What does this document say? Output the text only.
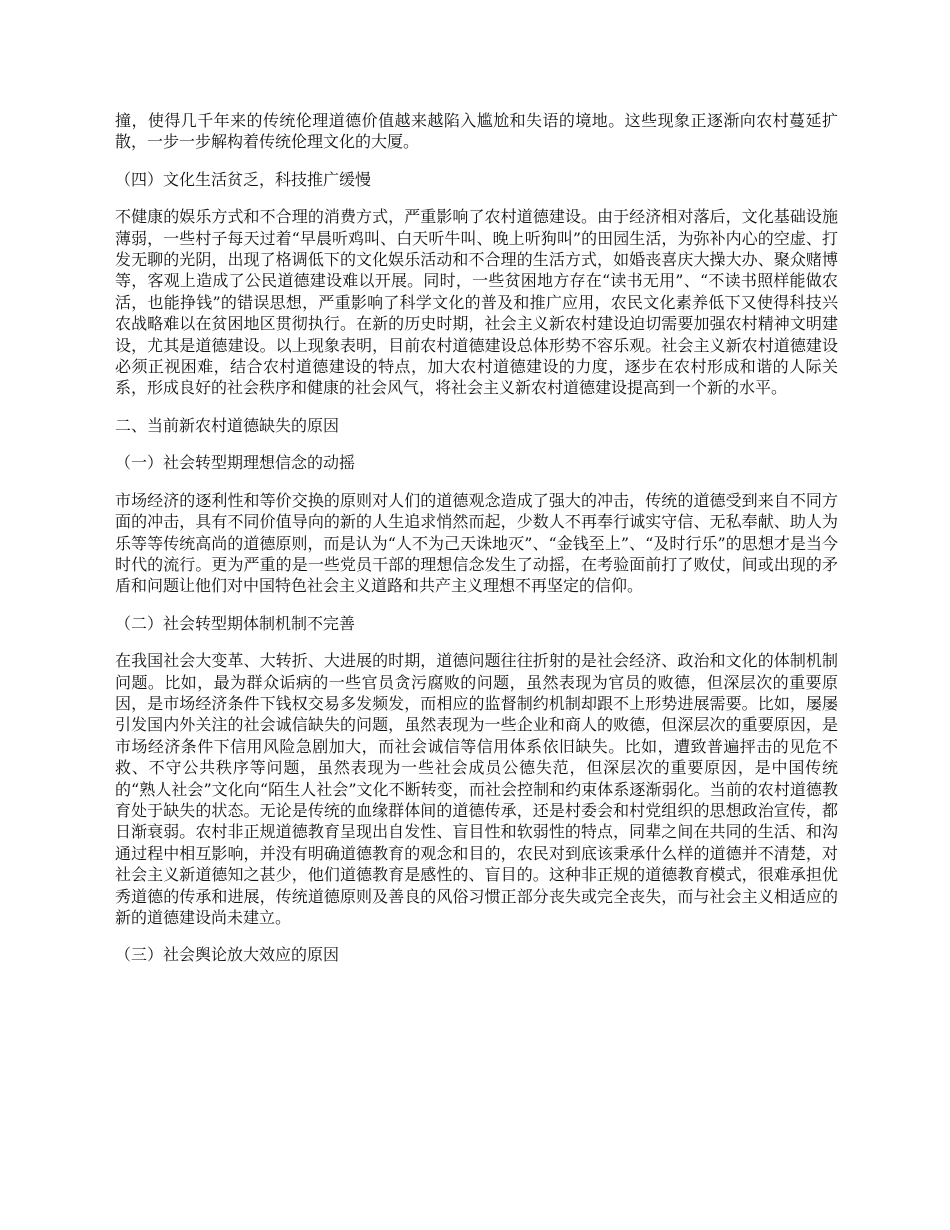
撞，使得几千年来的传统伦理道德价值越来越陷入尴尬和失语的境地。这些现象正逐渐向农村蔓延扩散，一步一步解构着传统伦理文化的大厦。

（四）文化生活贫乏，科技推广缓慢

不健康的娱乐方式和不合理的消费方式，严重影响了农村道德建设。由于经济相对落后，文化基础设施薄弱，一些村子每天过着“早晨听鸡叫、白天听牛叫、晚上听狗叫”的田园生活，为弥补内心的空虚、打发无聊的光阴，出现了格调低下的文化娱乐活动和不合理的生活方式，如婚丧喜庆大操大办、聚众赌博等，客观上造成了公民道德建设难以开展。同时，一些贫困地方存在“读书无用”、“不读书照样能做农活，也能挣钱”的错误思想，严重影响了科学文化的普及和推广应用，农民文化素养低下又使得科技兴农战略难以在贫困地区贯彻执行。在新的历史时期，社会主义新农村建设迫切需要加强农村精神文明建设，尤其是道德建设。以上现象表明，目前农村道德建设总体形势不容乐观。社会主义新农村道德建设必须正视困难，结合农村道德建设的特点，加大农村道德建设的力度，逐步在农村形成和谐的人际关系，形成良好的社会秩序和健康的社会风气，将社会主义新农村道德建设提高到一个新的水平。

二、当前新农村道德缺失的原因

（一）社会转型期理想信念的动摇

市场经济的逐利性和等价交换的原则对人们的道德观念造成了强大的冲击，传统的道德受到来自不同方面的冲击，具有不同价值导向的新的人生追求悄然而起，少数人不再奉行诚实守信、无私奉献、助人为乐等等传统高尚的道德原则，而是认为“人不为己天诛地灭”、“金钱至上”、“及时行乐”的思想才是当今时代的流行。更为严重的是一些党员干部的理想信念发生了动摇，在考验面前打了败仗，间或出现的矛盾和问题让他们对中国特色社会主义道路和共产主义理想不再坚定的信仰。

（二）社会转型期体制机制不完善

在我国社会大变革、大转折、大进展的时期，道德问题往往折射的是社会经济、政治和文化的体制机制问题。比如，最为群众诟病的一些官员贪污腐败的问题，虽然表现为官员的败德，但深层次的重要原因，是市场经济条件下钱权交易多发频发，而相应的监督制约机制却跟不上形势进展需要。比如，屡屡引发国内外关注的社会诚信缺失的问题，虽然表现为一些企业和商人的败德，但深层次的重要原因，是市场经济条件下信用风险急剧加大，而社会诚信等信用体系依旧缺失。比如，遭致普遍抨击的见危不救、不守公共秩序等问题，虽然表现为一些社会成员公德失范，但深层次的重要原因，是中国传统的“熟人社会”文化向“陌生人社会”文化不断转变，而社会控制和约束体系逐渐弱化。当前的农村道德教育处于缺失的状态。无论是传统的血缘群体间的道德传承，还是村委会和村党组织的思想政治宣传，都日渐衰弱。农村非正规道德教育呈现出自发性、盲目性和软弱性的特点，同辈之间在共同的生活、和沟通过程中相互影响，并没有明确道德教育的观念和目的，农民对到底该秉承什么样的道德并不清楚，对社会主义新道德知之甚少，他们道德教育是感性的、盲目的。这种非正规的道德教育模式，很难承担优秀道德的传承和进展，传统道德原则及善良的风俗习惯正部分丧失或完全丧失，而与社会主义相适应的新的道德建设尚未建立。

（三）社会舆论放大效应的原因
